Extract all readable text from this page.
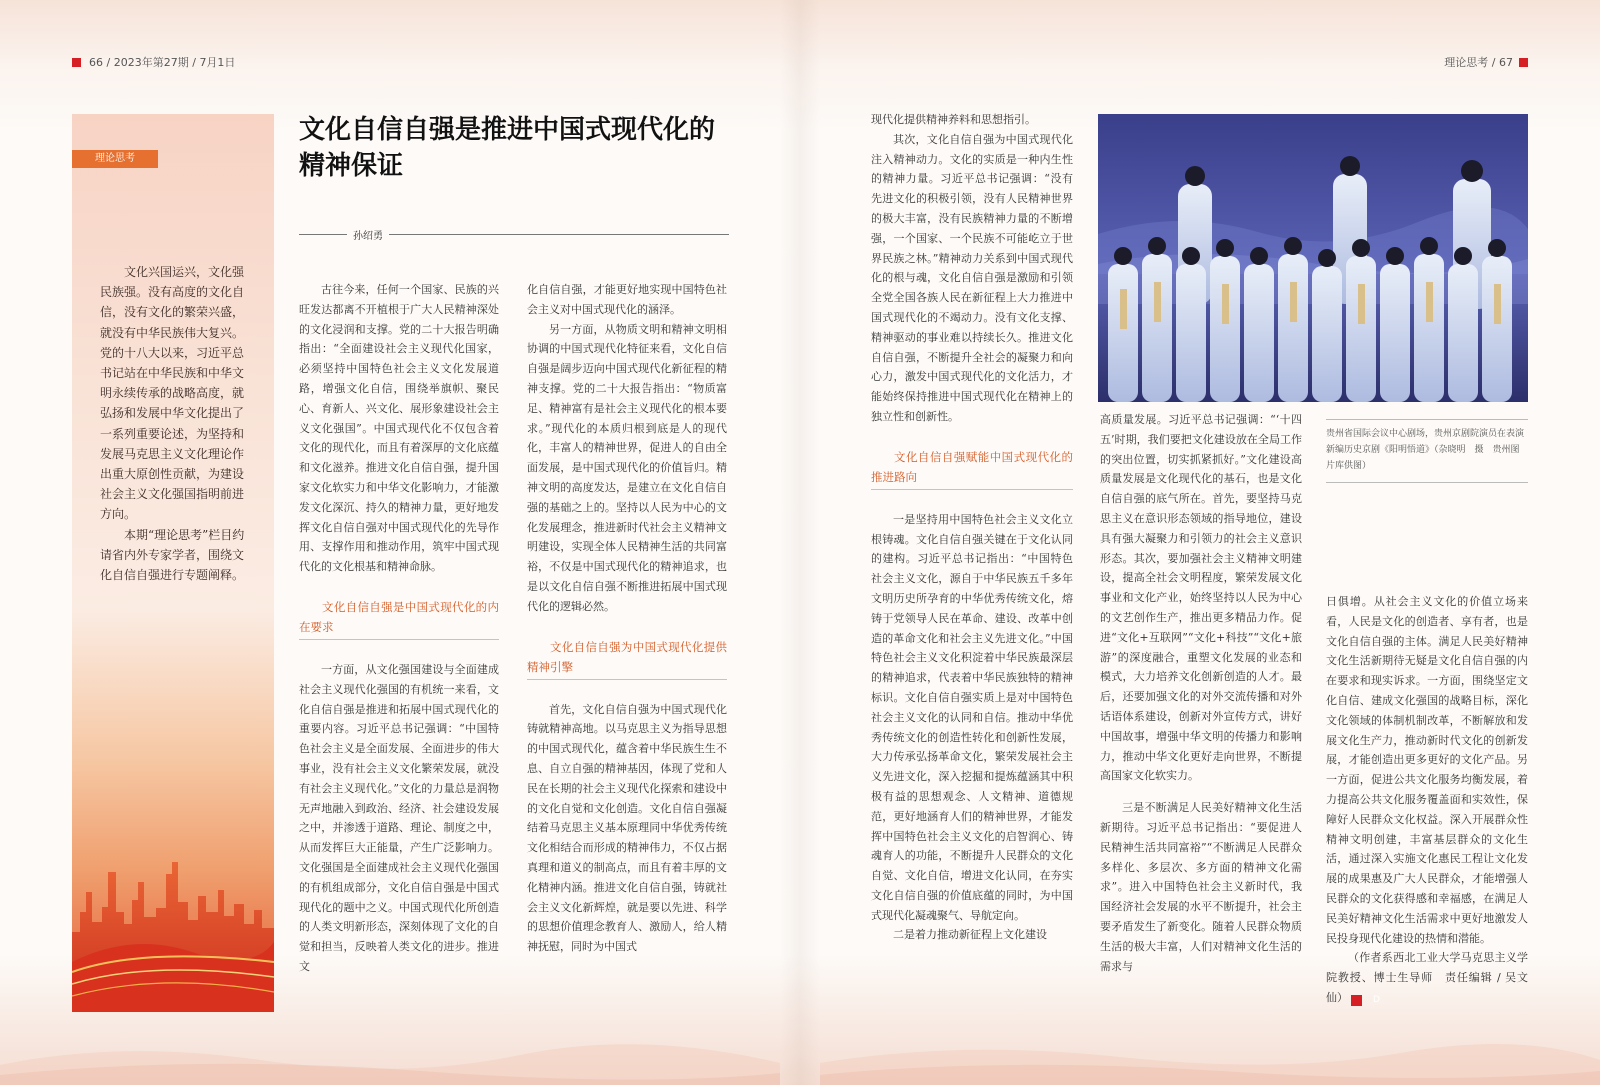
66 / 2023年第27期 / 7月1日	理论思考 / 67
理论思考

文化兴国运兴，文化强民族强。没有高度的文化自信，没有文化的繁荣兴盛，就没有中华民族伟大复兴。党的十八大以来，习近平总书记站在中华民族和中华文明永续传承的战略高度，就弘扬和发展中华文化提出了一系列重要论述，为坚持和发展马克思主义文化理论作出重大原创性贡献，为建设社会主义文化强国指明前进方向。

本期“理论思考”栏目约请省内外专家学者，围绕文化自信自强进行专题阐释。

文化自信自强是推进中国式现代化的精神保证
孙绍勇

古往今来，任何一个国家、民族的兴旺发达都离不开植根于广大人民精神深处的文化浸润和支撑。党的二十大报告明确指出：“全面建设社会主义现代化国家，必须坚持中国特色社会主义文化发展道路，增强文化自信，围绕举旗帜、聚民心、育新人、兴文化、展形象建设社会主义文化强国”。中国式现代化不仅包含着文化的现代化，而且有着深厚的文化底蕴和文化滋养。推进文化自信自强，提升国家文化软实力和中华文化影响力，才能激发文化深沉、持久的精神力量，更好地发挥文化自信自强对中国式现代化的先导作用、支撑作用和推动作用，筑牢中国式现代化的文化根基和精神命脉。

文化自信自强是中国式现代化的内在要求

一方面，从文化强国建设与全面建成社会主义现代化强国的有机统一来看，文化自信自强是推进和拓展中国式现代化的重要内容。习近平总书记强调：“中国特色社会主义是全面发展、全面进步的伟大事业，没有社会主义文化繁荣发展，就没有社会主义现代化。”文化的力量总是润物无声地融入到政治、经济、社会建设发展之中，并渗透于道路、理论、制度之中，从而发挥巨大正能量，产生广泛影响力。文化强国是全面建成社会主义现代化强国的有机组成部分，文化自信自强是中国式现代化的题中之义。中国式现代化所创造的人类文明新形态，深刻体现了文化的自觉和担当，反映着人类文化的进步。推进文

化自信自强，才能更好地实现中国特色社会主义对中国式现代化的涵泽。

另一方面，从物质文明和精神文明相协调的中国式现代化特征来看，文化自信自强是阔步迈向中国式现代化新征程的精神支撑。党的二十大报告指出：“物质富足、精神富有是社会主义现代化的根本要求。”现代化的本质归根到底是人的现代化，丰富人的精神世界，促进人的自由全面发展，是中国式现代化的价值旨归。精神文明的高度发达，是建立在文化自信自强的基础之上的。坚持以人民为中心的文化发展理念，推进新时代社会主义精神文明建设，实现全体人民精神生活的共同富裕，不仅是中国式现代化的精神追求，也是以文化自信自强不断推进拓展中国式现代化的逻辑必然。

文化自信自强为中国式现代化提供精神引擎

首先，文化自信自强为中国式现代化铸就精神高地。以马克思主义为指导思想的中国式现代化，蕴含着中华民族生生不息、自立自强的精神基因，体现了党和人民在长期的社会主义现代化探索和建设中的文化自觉和文化创造。文化自信自强凝结着马克思主义基本原理同中华优秀传统文化相结合而形成的精神伟力，不仅占据真理和道义的制高点，而且有着丰厚的文化精神内涵。推进文化自信自强，铸就社会主义文化新辉煌，就是要以先进、科学的思想价值理念教育人、激励人，给人精神抚慰，同时为中国式

现代化提供精神养料和思想指引。

其次，文化自信自强为中国式现代化注入精神动力。文化的实质是一种内生性的精神力量。习近平总书记强调：“没有先进文化的积极引领，没有人民精神世界的极大丰富，没有民族精神力量的不断增强，一个国家、一个民族不可能屹立于世界民族之林。”精神动力关系到中国式现代化的根与魂，文化自信自强是激励和引领全党全国各族人民在新征程上大力推进中国式现代化的不竭动力。没有文化支撑、精神驱动的事业难以持续长久。推进文化自信自强，不断提升全社会的凝聚力和向心力，激发中国式现代化的文化活力，才能始终保持推进中国式现代化在精神上的独立性和创新性。

文化自信自强赋能中国式现代化的推进路向

一是坚持用中国特色社会主义文化立根铸魂。文化自信自强关键在于文化认同的建构。习近平总书记指出：“中国特色社会主义文化，源自于中华民族五千多年文明历史所孕育的中华优秀传统文化，熔铸于党领导人民在革命、建设、改革中创造的革命文化和社会主义先进文化。”中国特色社会主义文化积淀着中华民族最深层的精神追求，代表着中华民族独特的精神标识。文化自信自强实质上是对中国特色社会主义文化的认同和自信。推动中华优秀传统文化的创造性转化和创新性发展，大力传承弘扬革命文化，繁荣发展社会主义先进文化，深入挖掘和提炼蕴涵其中积极有益的思想观念、人文精神、道德规范，更好地涵育人们的精神世界，才能发挥中国特色社会主义文化的启智润心、铸魂育人的功能，不断提升人民群众的文化自觉、文化自信，增进文化认同，在夯实文化自信自强的价值底蕴的同时，为中国式现代化凝魂聚气、导航定向。

二是着力推动新征程上文化建设

高质量发展。习近平总书记强调：“‘十四五’时期，我们要把文化建设放在全局工作的突出位置，切实抓紧抓好。”文化建设高质量发展是文化现代化的基石，也是文化自信自强的底气所在。首先，要坚持马克思主义在意识形态领域的指导地位，建设具有强大凝聚力和引领力的社会主义意识形态。其次，要加强社会主义精神文明建设，提高全社会文明程度，繁荣发展文化事业和文化产业，始终坚持以人民为中心的文艺创作生产，推出更多精品力作。促进“文化+互联网”“文化+科技”“文化+旅游”的深度融合，重塑文化发展的业态和模式，大力培养文化创新创造的人才。最后，还要加强文化的对外交流传播和对外话语体系建设，创新对外宣传方式，讲好中国故事，增强中华文明的传播力和影响力，推动中华文化更好走向世界，不断提高国家文化软实力。

三是不断满足人民美好精神文化生活新期待。习近平总书记指出：“要促进人民精神生活共同富裕”“不断满足人民群众多样化、多层次、多方面的精神文化需求”。进入中国特色社会主义新时代，我国经济社会发展的水平不断提升，社会主要矛盾发生了新变化。随着人民群众物质生活的极大丰富，人们对精神文化生活的需求与

贵州省国际会议中心剧场，贵州京剧院演员在表演新编历史京剧《阳明悟道》（杂晓明　摄　贵州图片库供图）

日俱增。从社会主义文化的价值立场来看，人民是文化的创造者、享有者，也是文化自信自强的主体。满足人民美好精神文化生活新期待无疑是文化自信自强的内在要求和现实诉求。一方面，围绕坚定文化自信、建成文化强国的战略目标，深化文化领域的体制机制改革，不断解放和发展文化生产力，推动新时代文化的创新发展，才能创造出更多更好的文化产品。另一方面，促进公共文化服务均衡发展，着力提高公共文化服务覆盖面和实效性，保障好人民群众文化权益。深入开展群众性精神文明创建，丰富基层群众的文化生活，通过深入实施文化惠民工程让文化发展的成果惠及广大人民群众，才能增强人民群众的文化获得感和幸福感，在满足人民美好精神文化生活需求中更好地激发人民投身现代化建设的热情和潜能。

（作者系西北工业大学马克思主义学院教授、博士生导师　责任编辑 / 吴文仙）	D
